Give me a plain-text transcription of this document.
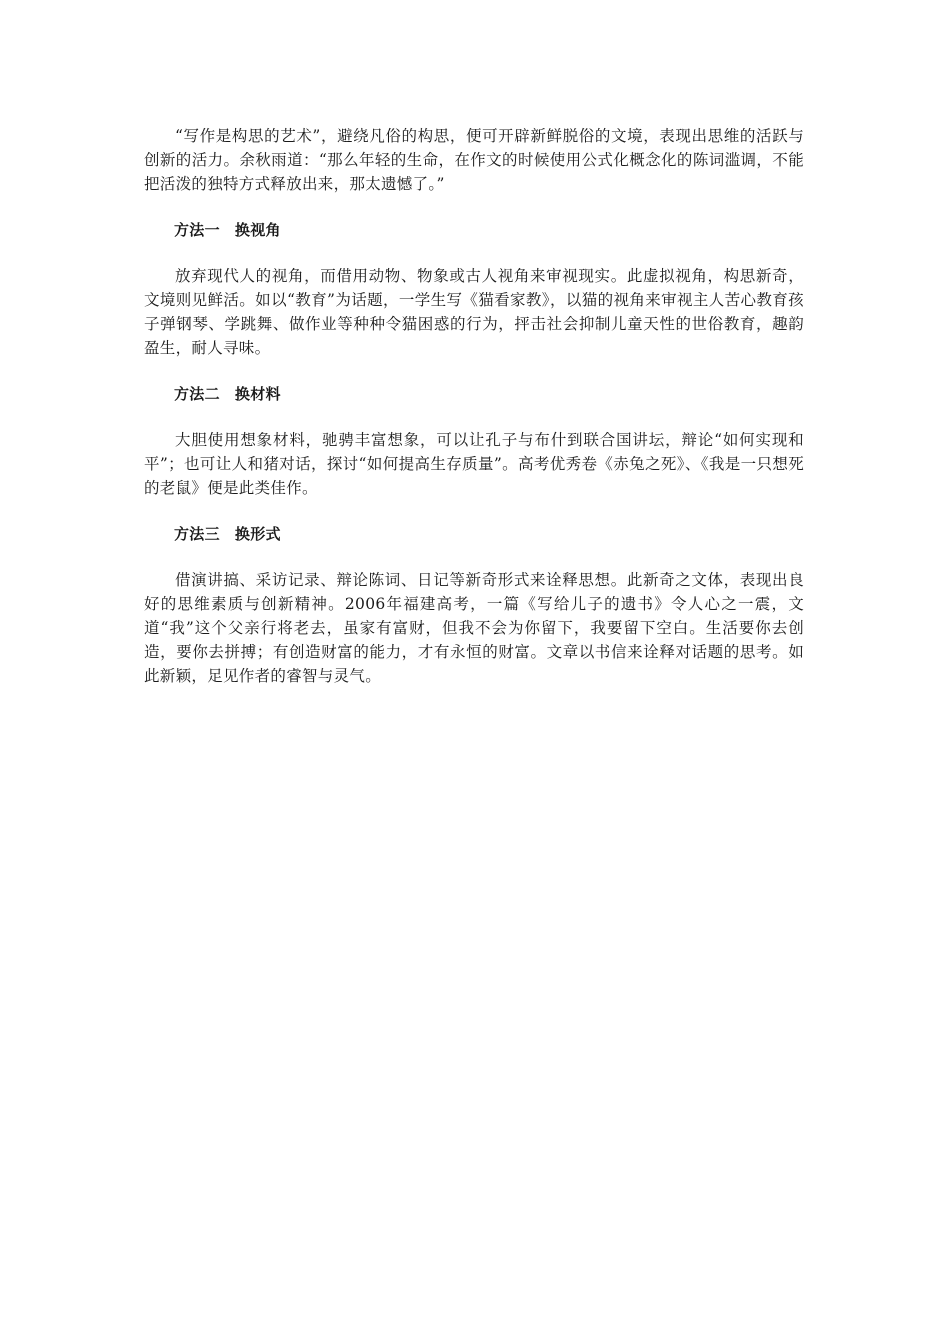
“写作是构思的艺术”，避绕凡俗的构思，便可开辟新鲜脱俗的文境，表现出思维的活跃与创新的活力。余秋雨道：“那么年轻的生命，在作文的时候使用公式化概念化的陈词滥调，不能把活泼的独特方式释放出来，那太遗憾了。”

方法一 换视角

放弃现代人的视角，而借用动物、物象或古人视角来审视现实。此虚拟视角，构思新奇，文境则见鲜活。如以“教育”为话题，一学生写《猫看家教》，以猫的视角来审视主人苦心教育孩子弹钢琴、学跳舞、做作业等种种令猫困惑的行为，抨击社会抑制儿童天性的世俗教育，趣韵盈生，耐人寻味。

方法二 换材料

大胆使用想象材料，驰骋丰富想象，可以让孔子与布什到联合国讲坛，辩论“如何实现和平”；也可让人和猪对话，探讨“如何提高生存质量”。高考优秀卷《赤兔之死》、《我是一只想死的老鼠》便是此类佳作。

方法三 换形式

借演讲搞、采访记录、辩论陈词、日记等新奇形式来诠释思想。此新奇之文体，表现出良好的思维素质与创新精神。2006年福建高考，一篇《写给儿子的遗书》令人心之一震，文道“我”这个父亲行将老去，虽家有富财，但我不会为你留下，我要留下空白。生活要你去创造，要你去拼搏；有创造财富的能力，才有永恒的财富。文章以书信来诠释对话题的思考。如此新颖，足见作者的睿智与灵气。
